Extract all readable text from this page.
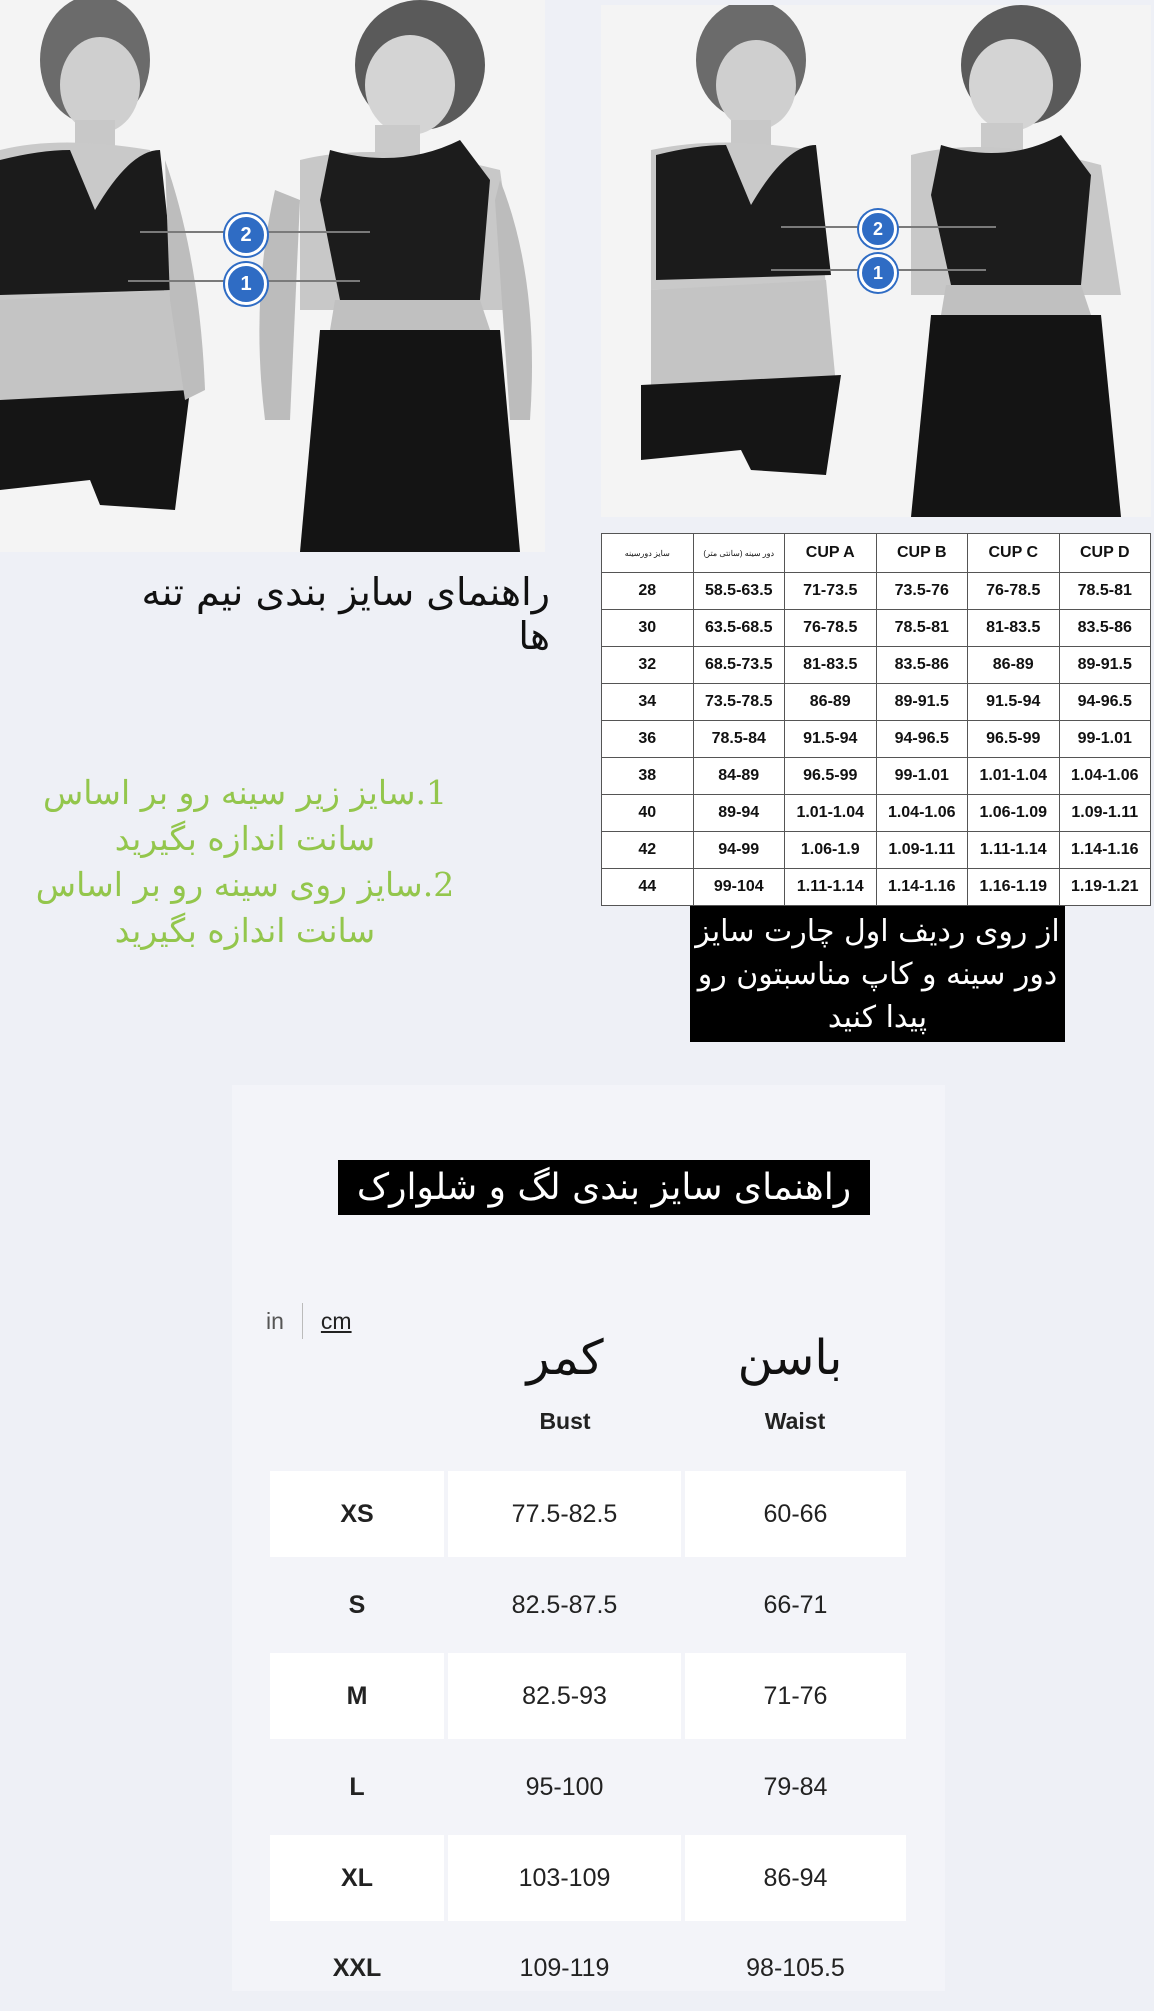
2
1
راهنمای سایز بندی نیم تنه ها
1.سایز زیر سینه رو بر اساس
سانت اندازه بگیرید
2.سایز روی سینه رو بر اساس
سانت اندازه بگیرید
2
1
سایز دورسینه	دور سینه (سانتی متر)	CUP A	CUP B	CUP C	CUP D
28	58.5-63.5	71-73.5	73.5-76	76-78.5	78.5-81
30	63.5-68.5	76-78.5	78.5-81	81-83.5	83.5-86
32	68.5-73.5	81-83.5	83.5-86	86-89	89-91.5
34	73.5-78.5	86-89	89-91.5	91.5-94	94-96.5
36	78.5-84	91.5-94	94-96.5	96.5-99	99-1.01
38	84-89	96.5-99	99-1.01	1.01-1.04	1.04-1.06
40	89-94	1.01-1.04	1.04-1.06	1.06-1.09	1.09-1.11
42	94-99	1.06-1.9	1.09-1.11	1.11-1.14	1.14-1.16
44	99-104	1.11-1.14	1.14-1.16	1.16-1.19	1.19-1.21
از روی ردیف اول چارت سایز
دور سینه و کاپ مناسبتون رو
پیدا کنید
راهنمای سایز بندی لگ و شلوارک
in cm
کمر
Bust
باسن
Waist
XS	77.5-82.5	60-66
S	82.5-87.5	66-71
M	82.5-93	71-76
L	95-100	79-84
XL	103-109	86-94
XXL	109-119	98-105.5
